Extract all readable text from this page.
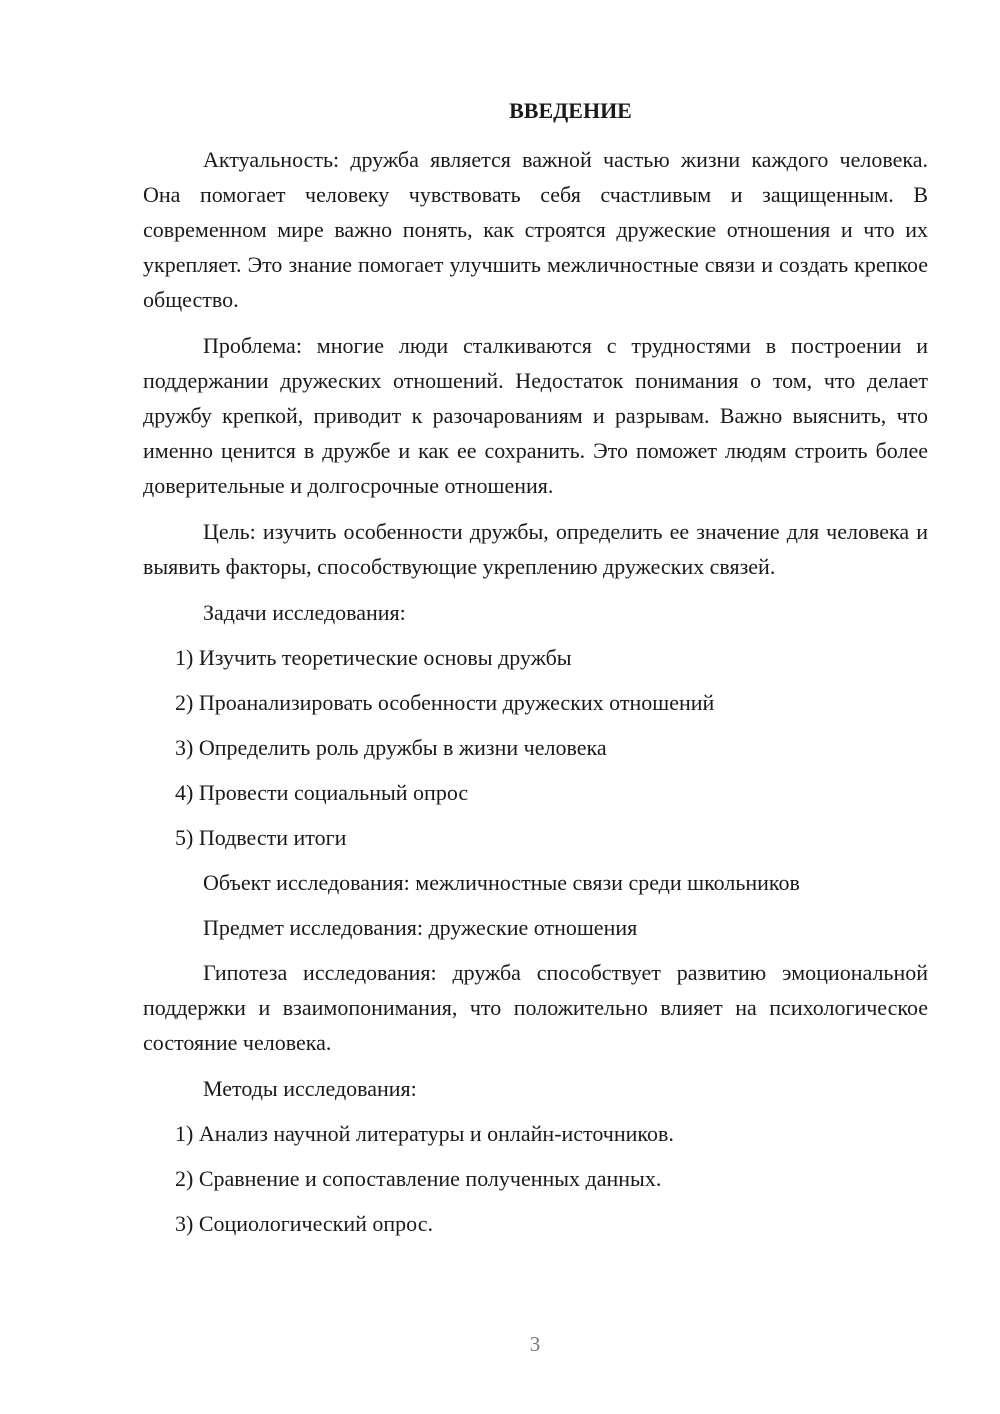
ВВЕДЕНИЕ

Актуальность: дружба является важной частью жизни каждого человека. Она помогает человеку чувствовать себя счастливым и защищенным. В современном мире важно понять, как строятся дружеские отношения и что их укрепляет. Это знание помогает улучшить межличностные связи и создать крепкое общество.

Проблема: многие люди сталкиваются с трудностями в построении и поддержании дружеских отношений. Недостаток понимания о том, что делает дружбу крепкой, приводит к разочарованиям и разрывам. Важно выяснить, что именно ценится в дружбе и как ее сохранить. Это поможет людям строить более доверительные и долгосрочные отношения.

Цель: изучить особенности дружбы, определить ее значение для человека и выявить факторы, способствующие укреплению дружеских связей.

Задачи исследования:

1) Изучить теоретические основы дружбы

2) Проанализировать особенности дружеских отношений

3) Определить роль дружбы в жизни человека

4) Провести социальный опрос

5) Подвести итоги

Объект исследования: межличностные связи среди школьников

Предмет исследования: дружеские отношения

Гипотеза исследования: дружба способствует развитию эмоциональной поддержки и взаимопонимания, что положительно влияет на психологическое состояние человека.

Методы исследования:

1) Анализ научной литературы и онлайн-источников.

2) Сравнение и сопоставление полученных данных.

3) Социологический опрос.

3
